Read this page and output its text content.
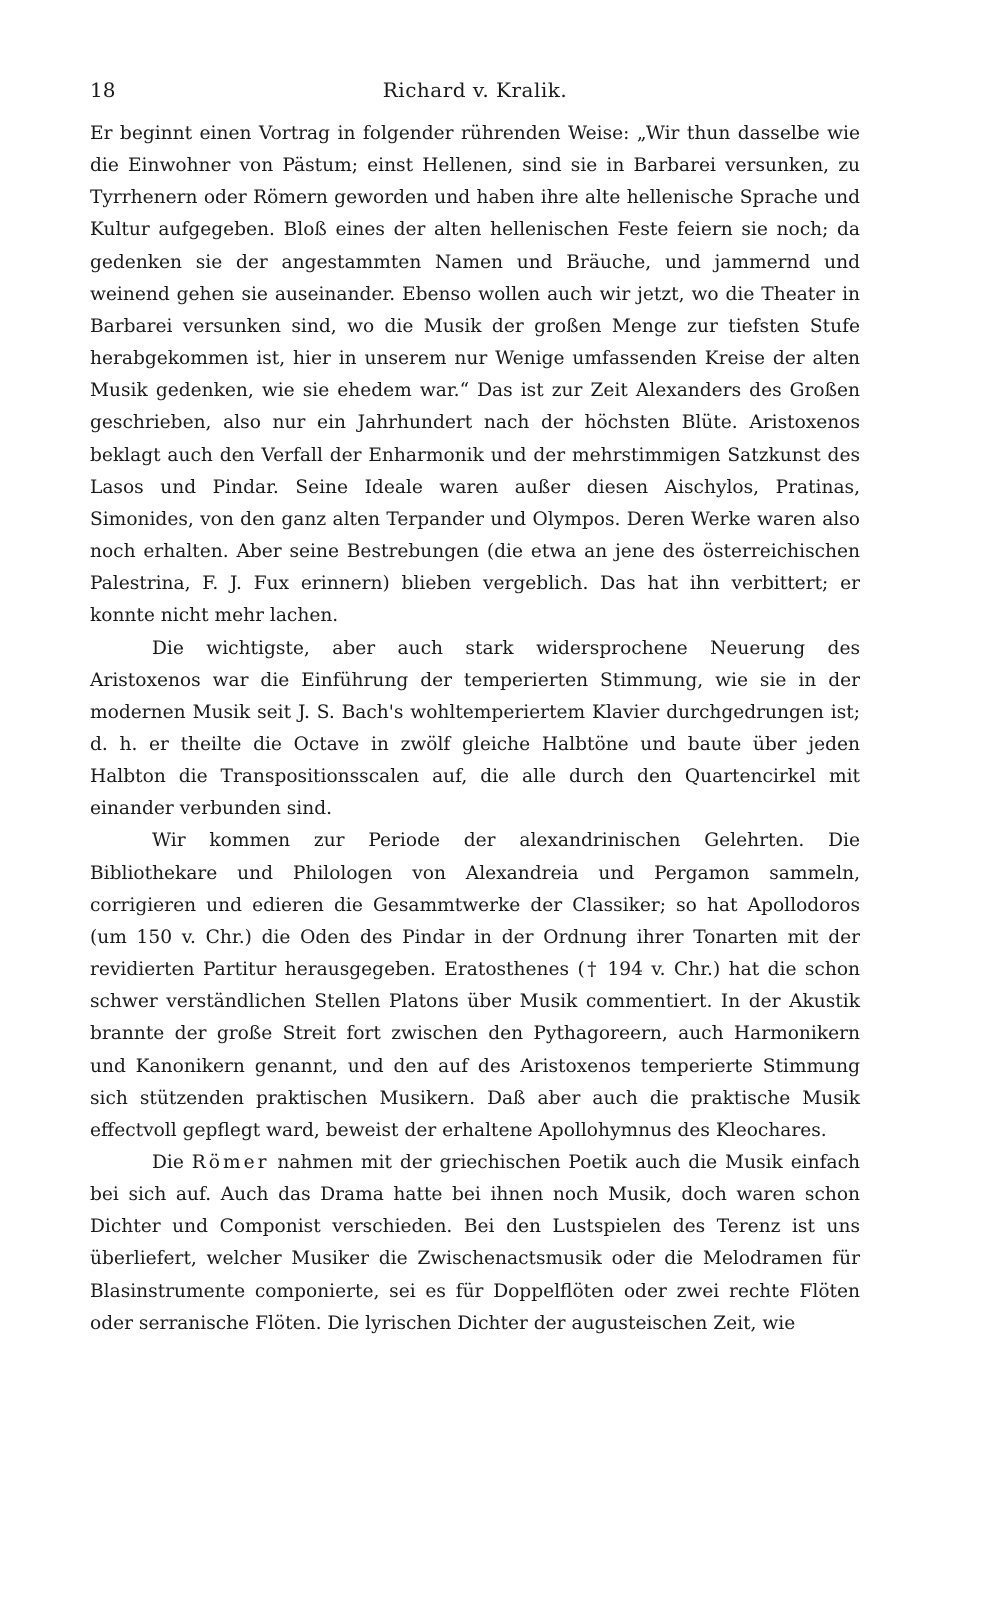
18	Richard v. Kralik.

Er beginnt einen Vortrag in folgender rührenden Weise: „Wir thun dasselbe wie die Einwohner von Pästum; einst Hellenen, sind sie in Barbarei versunken, zu Tyrrhenern oder Römern geworden und haben ihre alte hellenische Sprache und Kultur aufgegeben. Bloß eines der alten hellenischen Feste feiern sie noch; da gedenken sie der angestammten Namen und Bräuche, und jammernd und weinend gehen sie auseinander. Ebenso wollen auch wir jetzt, wo die Theater in Barbarei versunken sind, wo die Musik der großen Menge zur tiefsten Stufe herabgekommen ist, hier in unserem nur Wenige umfassenden Kreise der alten Musik gedenken, wie sie ehedem war.“ Das ist zur Zeit Alexanders des Großen geschrieben, also nur ein Jahrhundert nach der höchsten Blüte. Aristoxenos beklagt auch den Verfall der Enharmonik und der mehrstimmigen Satzkunst des Lasos und Pindar. Seine Ideale waren außer diesen Aischylos, Pratinas, Simonides, von den ganz alten Terpander und Olympos. Deren Werke waren also noch erhalten. Aber seine Bestrebungen (die etwa an jene des österreichischen Palestrina, F. J. Fux erinnern) blieben vergeblich. Das hat ihn verbittert; er konnte nicht mehr lachen.

Die wichtigste, aber auch stark widersprochene Neuerung des Aristoxenos war die Einführung der temperierten Stimmung, wie sie in der modernen Musik seit J. S. Bach's wohltemperiertem Klavier durchgedrungen ist; d. h. er theilte die Octave in zwölf gleiche Halbtöne und baute über jeden Halbton die Transpositionsscalen auf, die alle durch den Quartencirkel mit einander verbunden sind.

Wir kommen zur Periode der alexandrinischen Gelehrten. Die Bibliothekare und Philologen von Alexandreia und Pergamon sammeln, corrigieren und edieren die Gesammtwerke der Classiker; so hat Apollodoros (um 150 v. Chr.) die Oden des Pindar in der Ordnung ihrer Tonarten mit der revidierten Partitur herausgegeben. Eratosthenes († 194 v. Chr.) hat die schon schwer verständlichen Stellen Platons über Musik commentiert. In der Akustik brannte der große Streit fort zwischen den Pythagoreern, auch Harmonikern und Kanonikern genannt, und den auf des Aristoxenos temperierte Stimmung sich stützenden praktischen Musikern. Daß aber auch die praktische Musik effectvoll gepflegt ward, beweist der erhaltene Apollohymnus des Kleochares.

Die Römer nahmen mit der griechischen Poetik auch die Musik einfach bei sich auf. Auch das Drama hatte bei ihnen noch Musik, doch waren schon Dichter und Componist verschieden. Bei den Lustspielen des Terenz ist uns überliefert, welcher Musiker die Zwischenactsmusik oder die Melodramen für Blasinstrumente componierte, sei es für Doppelflöten oder zwei rechte Flöten oder serranische Flöten. Die lyrischen Dichter der augusteischen Zeit, wie
